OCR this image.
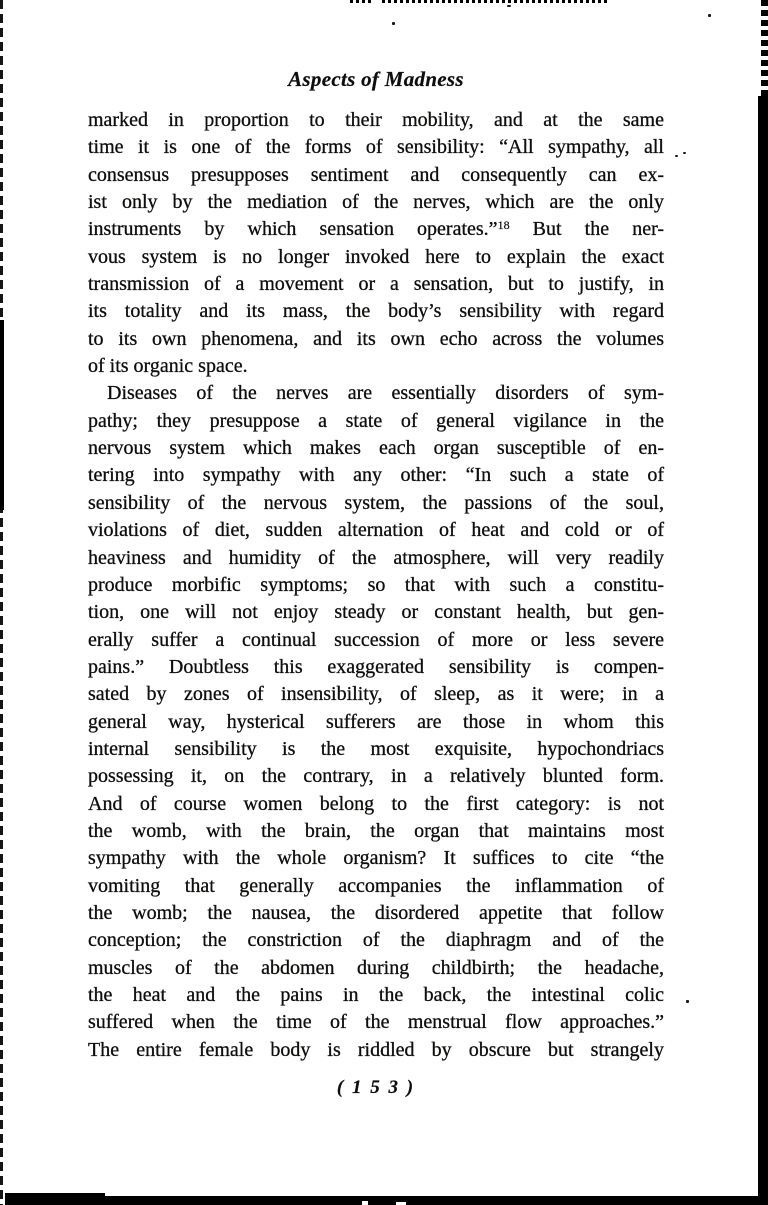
Aspects of Madness
marked in proportion to their mobility, and at the same
time it is one of the forms of sensibility: “All sympathy, all
consensus presupposes sentiment and consequently can ex-
ist only by the mediation of the nerves, which are the only
instruments by which sensation operates.”$^{18}$ But the ner-
vous system is no longer invoked here to explain the exact
transmission of a movement or a sensation, but to justify, in
its totality and its mass, the body’s sensibility with regard
to its own phenomena, and its own echo across the volumes
of its organic space.
Diseases of the nerves are essentially disorders of sym-
pathy; they presuppose a state of general vigilance in the
nervous system which makes each organ susceptible of en-
tering into sympathy with any other: “In such a state of
sensibility of the nervous system, the passions of the soul,
violations of diet, sudden alternation of heat and cold or of
heaviness and humidity of the atmosphere, will very readily
produce morbific symptoms; so that with such a constitu-
tion, one will not enjoy steady or constant health, but gen-
erally suffer a continual succession of more or less severe
pains.” Doubtless this exaggerated sensibility is compen-
sated by zones of insensibility, of sleep, as it were; in a
general way, hysterical sufferers are those in whom this
internal sensibility is the most exquisite, hypochondriacs
possessing it, on the contrary, in a relatively blunted form.
And of course women belong to the first category: is not
the womb, with the brain, the organ that maintains most
sympathy with the whole organism? It suffices to cite “the
vomiting that generally accompanies the inflammation of
the womb; the nausea, the disordered appetite that follow
conception; the constriction of the diaphragm and of the
muscles of the abdomen during childbirth; the headache,
the heat and the pains in the back, the intestinal colic
suffered when the time of the menstrual flow approaches.”
The entire female body is riddled by obscure but strangely
( 1 5 3 )
